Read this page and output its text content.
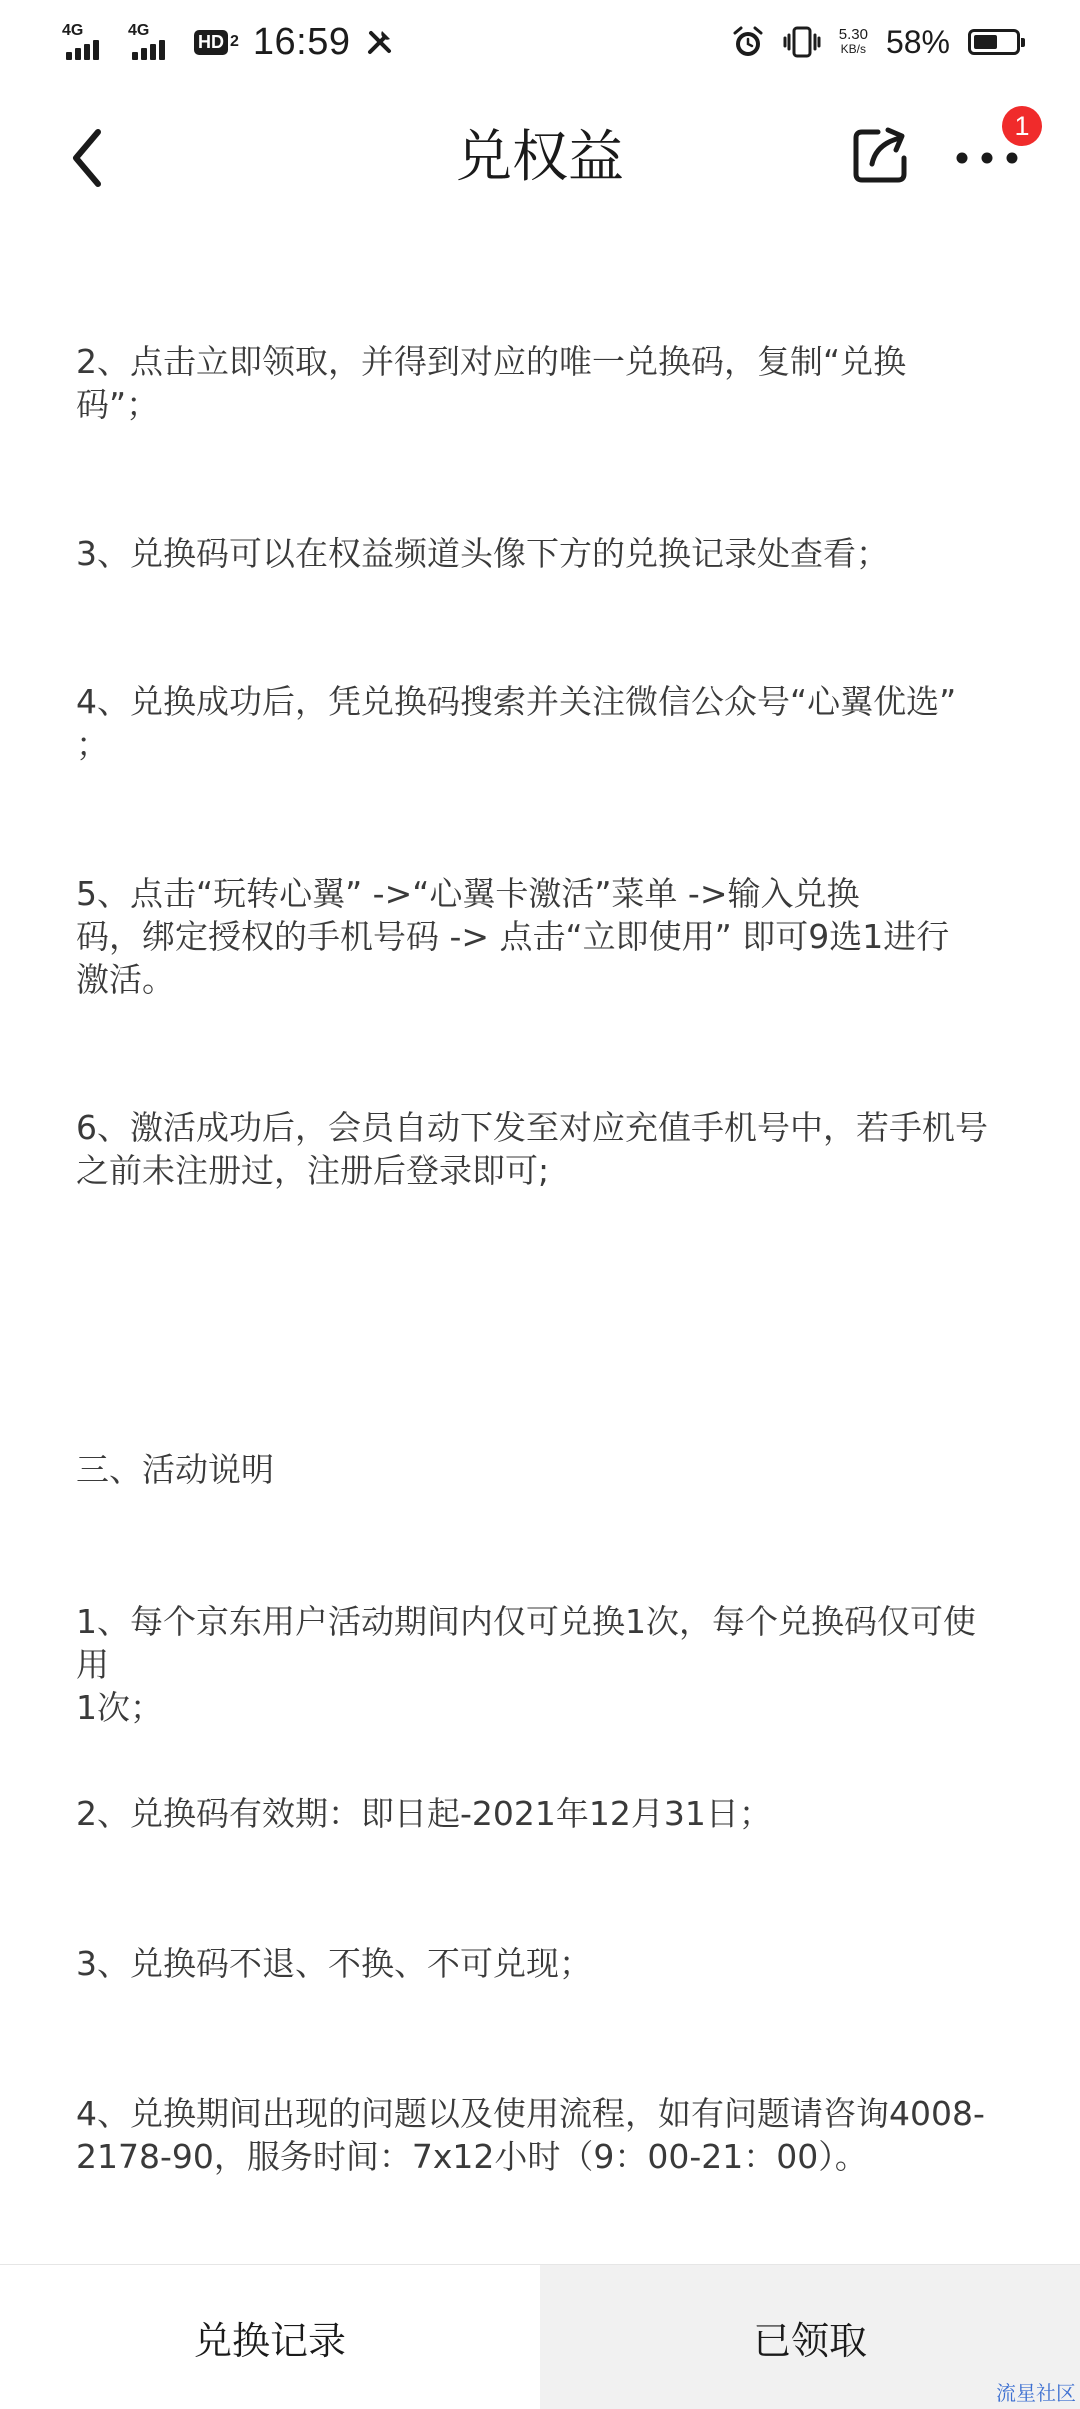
4G	4G
HD 2 16:59	5.30
KB/s 58%
兑权益	1

2、点击立即领取，并得到对应的唯一兑换码，复制“兑换
码”；

3、兑换码可以在权益频道头像下方的兑换记录处查看；

4、兑换成功后，凭兑换码搜索并关注微信公众号“心翼优选”
；

5、点击“玩转心翼” ->“心翼卡激活”菜单 ->输入兑换
码，绑定授权的手机号码 -> 点击“立即使用” 即可9选1进行
激活。

6、激活成功后，会员自动下发至对应充值手机号中，若手机号
之前未注册过，注册后登录即可;

三、活动说明

1、每个京东用户活动期间内仅可兑换1次，每个兑换码仅可使用
1次；

2、兑换码有效期：即日起-2021年12月31日；

3、兑换码不退、不换、不可兑现；

4、兑换期间出现的问题以及使用流程，如有问题请咨询4008-
2178-90，服务时间：7x12小时（9：00-21：00）。

兑换记录	已领取
流星社区
